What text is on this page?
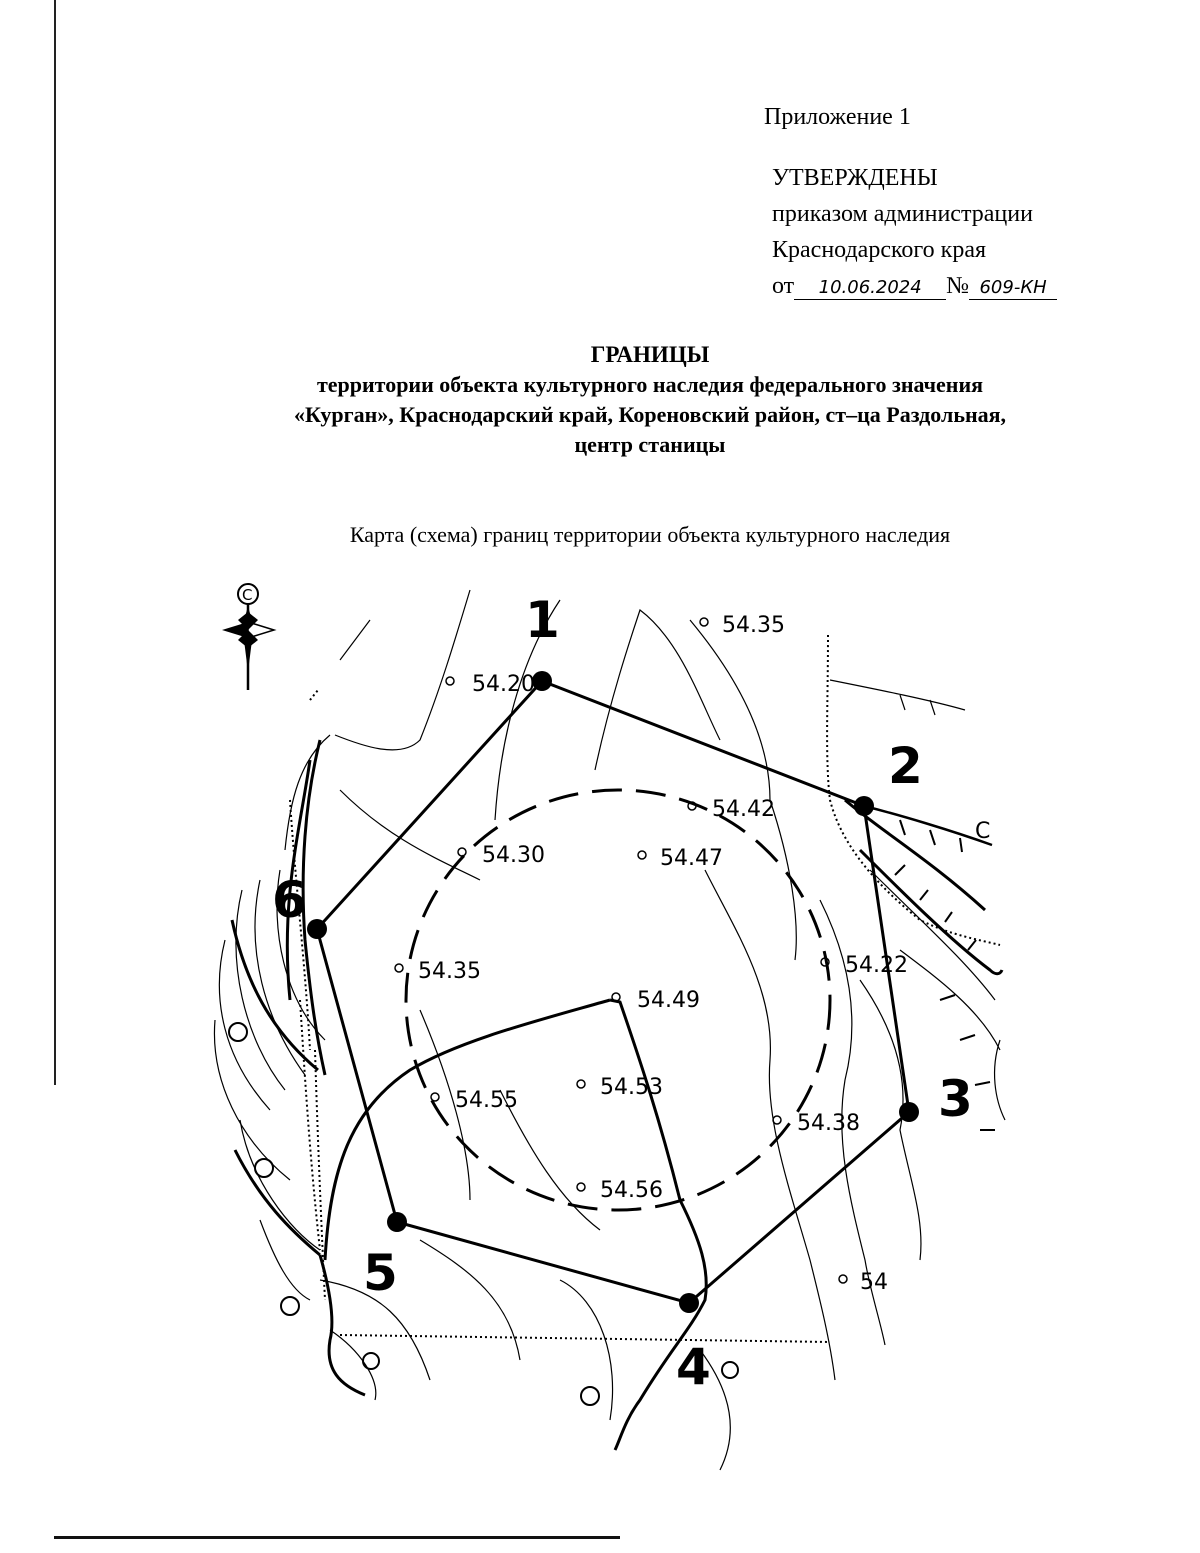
Приложение 1
УТВЕРЖДЕНЫ
приказом администрации
Краснодарского края
от 10.06.2024 № 609-КН
ГРАНИЦЫ
территории объекта культурного наследия федерального значения
«Курган», Краснодарский край, Кореновский район, ст–ца Раздольная,
центр станицы
Карта (схема) границ территории объекта культурного наследия
С
1
2
3
4
5
6
54.35
54.20
54.42
54.30	54.47
54.22
54.35
54.49
54.53
54.55
54.38
54.56
54
С
